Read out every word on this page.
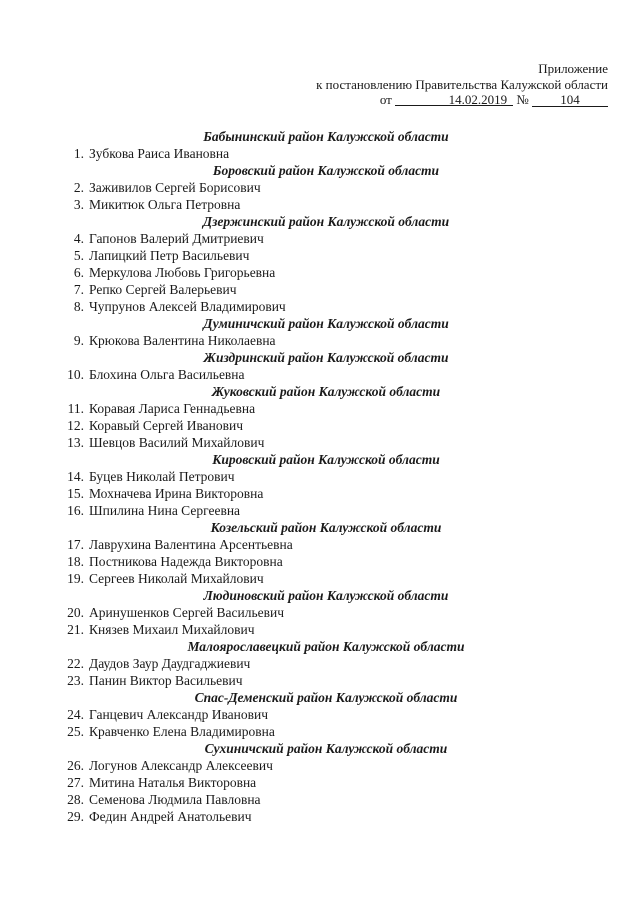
Приложение
к постановлению Правительства Калужской области
от	14.02.2019 № 104
Бабынинский район Калужской области
1. Зубкова Раиса Ивановна
Боровский район Калужской области
2. Заживилов Сергей Борисович
3. Микитюк Ольга Петровна
Дзержинский район Калужской области
4. Гапонов Валерий Дмитриевич
5. Лапицкий Петр Васильевич
6. Меркулова Любовь Григорьевна
7. Репко Сергей Валерьевич
8. Чупрунов Алексей Владимирович
Думиничский район Калужской области
9. Крюкова Валентина Николаевна
Жиздринский район Калужской области
10. Блохина Ольга Васильевна
Жуковский район Калужской области
11. Коравая Лариса Геннадьевна
12. Коравый Сергей Иванович
13. Шевцов Василий Михайлович
Кировский район Калужской области
14. Буцев Николай Петрович
15. Мохначева Ирина Викторовна
16. Шпилина Нина Сергеевна
Козельский район Калужской области
17. Лаврухина Валентина Арсентьевна
18. Постникова Надежда Викторовна
19. Сергеев Николай Михайлович
Людиновский район Калужской области
20. Аринушенков Сергей Васильевич
21. Князев Михаил Михайлович
Малоярославецкий район Калужской области
22. Даудов Заур Даудгаджиевич
23. Панин Виктор Васильевич
Спас-Деменский район Калужской области
24. Ганцевич Александр Иванович
25. Кравченко Елена Владимировна
Сухиничский район Калужской области
26. Логунов Александр Алексеевич
27. Митина Наталья Викторовна
28. Семенова Людмила Павловна
29. Федин Андрей Анатольевич
